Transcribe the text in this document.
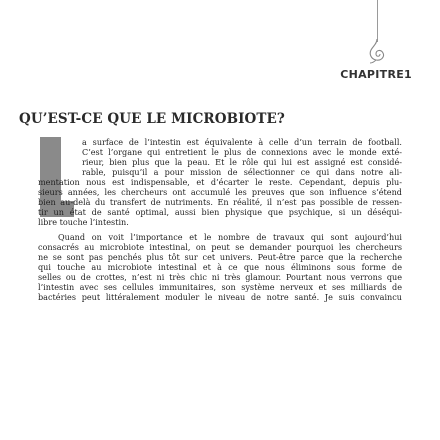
CHAPITRE1
QU’EST-CE QUE LE MICROBIOTE?
a surface de l’intestin est équivalente à celle d’un terrain de football.
C’est l’organe qui entretient le plus de connexions avec le monde exté-
rieur, bien plus que la peau. Et le rôle qui lui est assigné est considé-
rable, puisqu’il a pour mission de sélectionner ce qui dans notre ali-
mentation nous est indispensable, et d’écarter le reste. Cependant, depuis plu-
sieurs années, les chercheurs ont accumulé les preuves que son influence s’étend
bien au-delà du transfert de nutriments. En réalité, il n’est pas possible de ressen-
tir un état de santé optimal, aussi bien physique que psychique, si un déséqui-
libre touche l’intestin.
Quand on voit l’importance et le nombre de travaux qui sont aujourd’hui
consacrés au microbiote intestinal, on peut se demander pourquoi les chercheurs
ne se sont pas penchés plus tôt sur cet univers. Peut-être parce que la recherche
qui touche au microbiote intestinal et à ce que nous éliminons sous forme de
selles ou de crottes, n’est ni très chic ni très glamour. Pourtant nous verrons que
l’intestin avec ses cellules immunitaires, son système nerveux et ses milliards de
bactéries peut littéralement moduler le niveau de notre santé. Je suis convaincu
